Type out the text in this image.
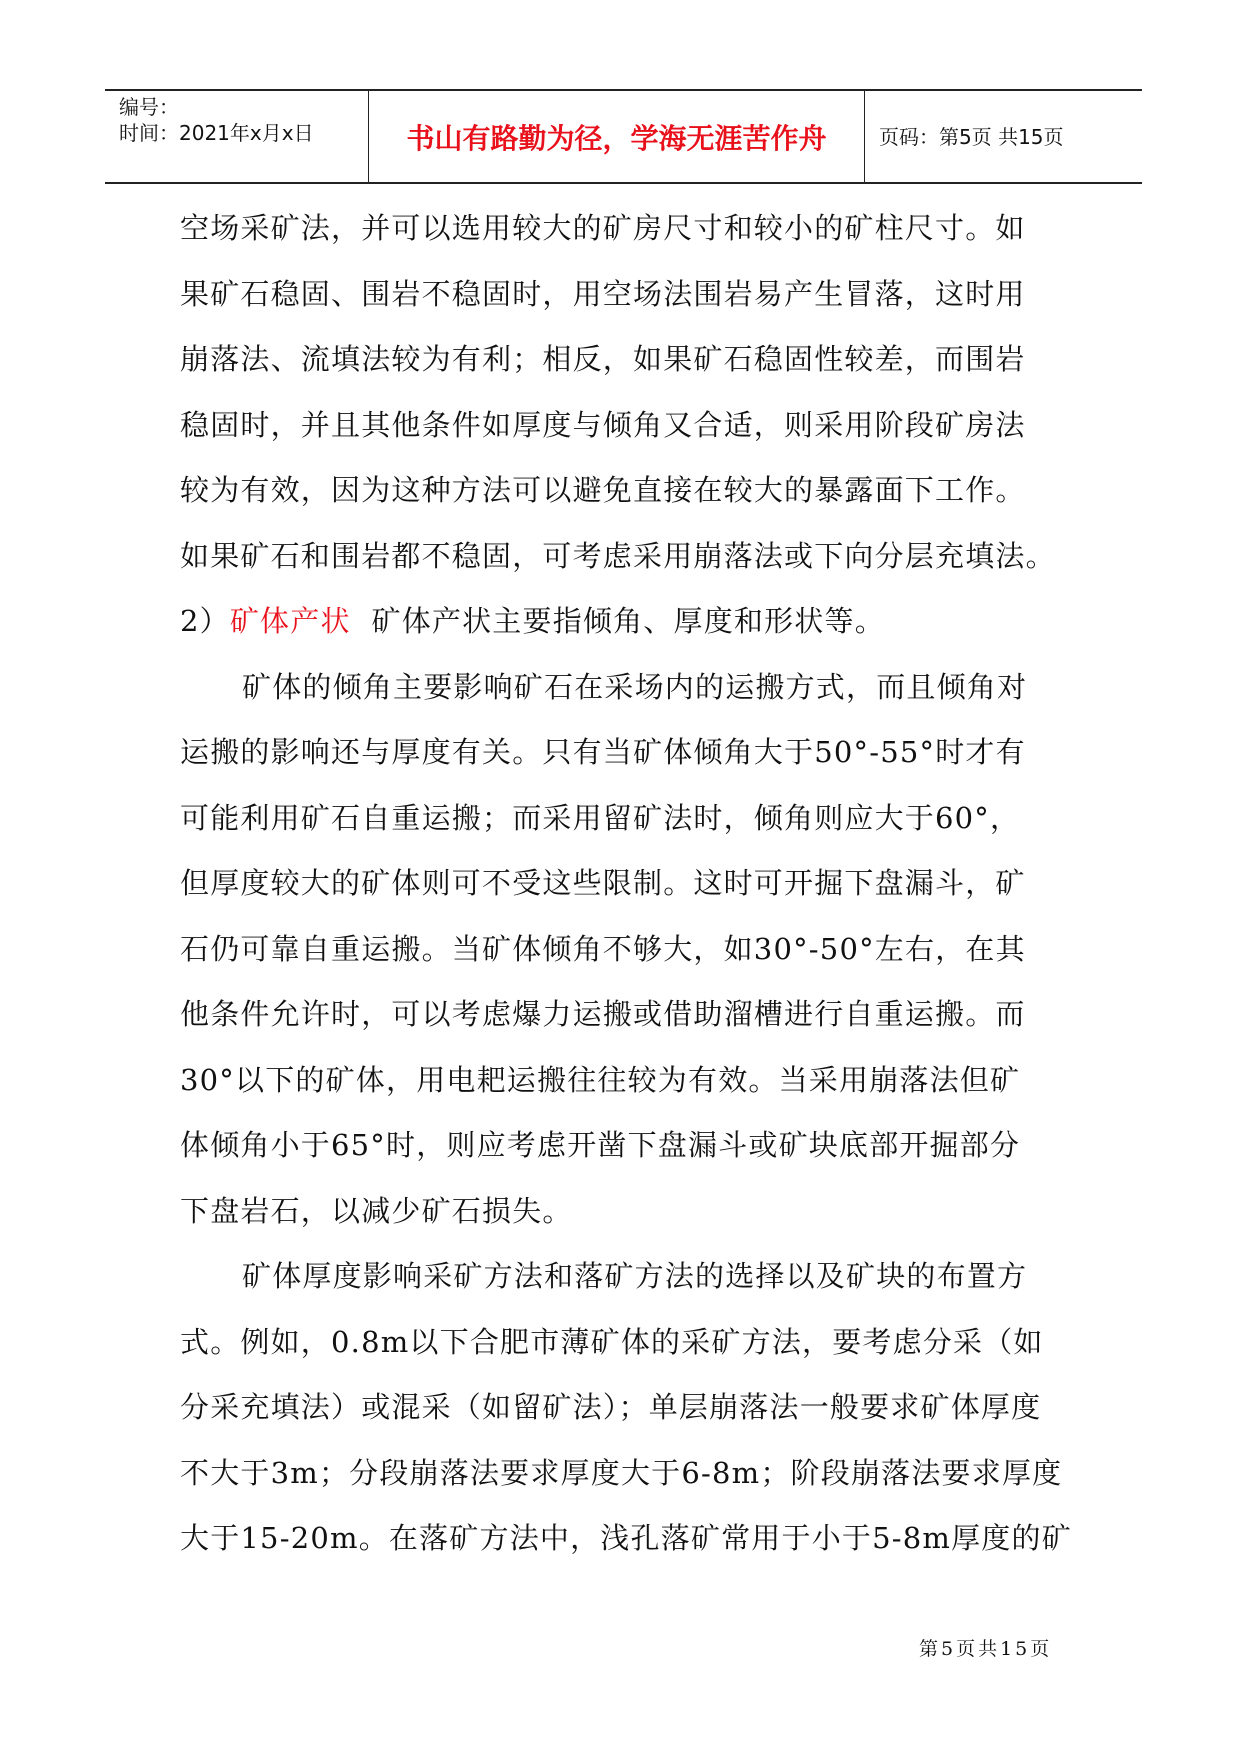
编号：
时间：2021年x月x日	书山有路勤为径，学海无涯苦作舟	页码：第5页 共15页
空场采矿法，并可以选用较大的矿房尺寸和较小的矿柱尺寸。如
果矿石稳固、围岩不稳固时，用空场法围岩易产生冒落，这时用
崩落法、流填法较为有利；相反，如果矿石稳固性较差，而围岩
稳固时，并且其他条件如厚度与倾角又合适，则采用阶段矿房法
较为有效，因为这种方法可以避免直接在较大的暴露面下工作。
如果矿石和围岩都不稳固，可考虑采用崩落法或下向分层充填法。
2）矿体产状  矿体产状主要指倾角、厚度和形状等。
矿体的倾角主要影响矿石在采场内的运搬方式，而且倾角对
运搬的影响还与厚度有关。只有当矿体倾角大于50°-55°时才有
可能利用矿石自重运搬；而采用留矿法时，倾角则应大于60°，
但厚度较大的矿体则可不受这些限制。这时可开掘下盘漏斗，矿
石仍可靠自重运搬。当矿体倾角不够大，如30°-50°左右，在其
他条件允许时，可以考虑爆力运搬或借助溜槽进行自重运搬。而
30°以下的矿体，用电耙运搬往往较为有效。当采用崩落法但矿
体倾角小于65°时，则应考虑开凿下盘漏斗或矿块底部开掘部分
下盘岩石，以减少矿石损失。
矿体厚度影响采矿方法和落矿方法的选择以及矿块的布置方
式。例如，0.8m以下合肥市薄矿体的采矿方法，要考虑分采（如
分采充填法）或混采（如留矿法）；单层崩落法一般要求矿体厚度
不大于3m；分段崩落法要求厚度大于6-8m；阶段崩落法要求厚度
大于15-20m。在落矿方法中，浅孔落矿常用于小于5-8m厚度的矿
第5页共15页
